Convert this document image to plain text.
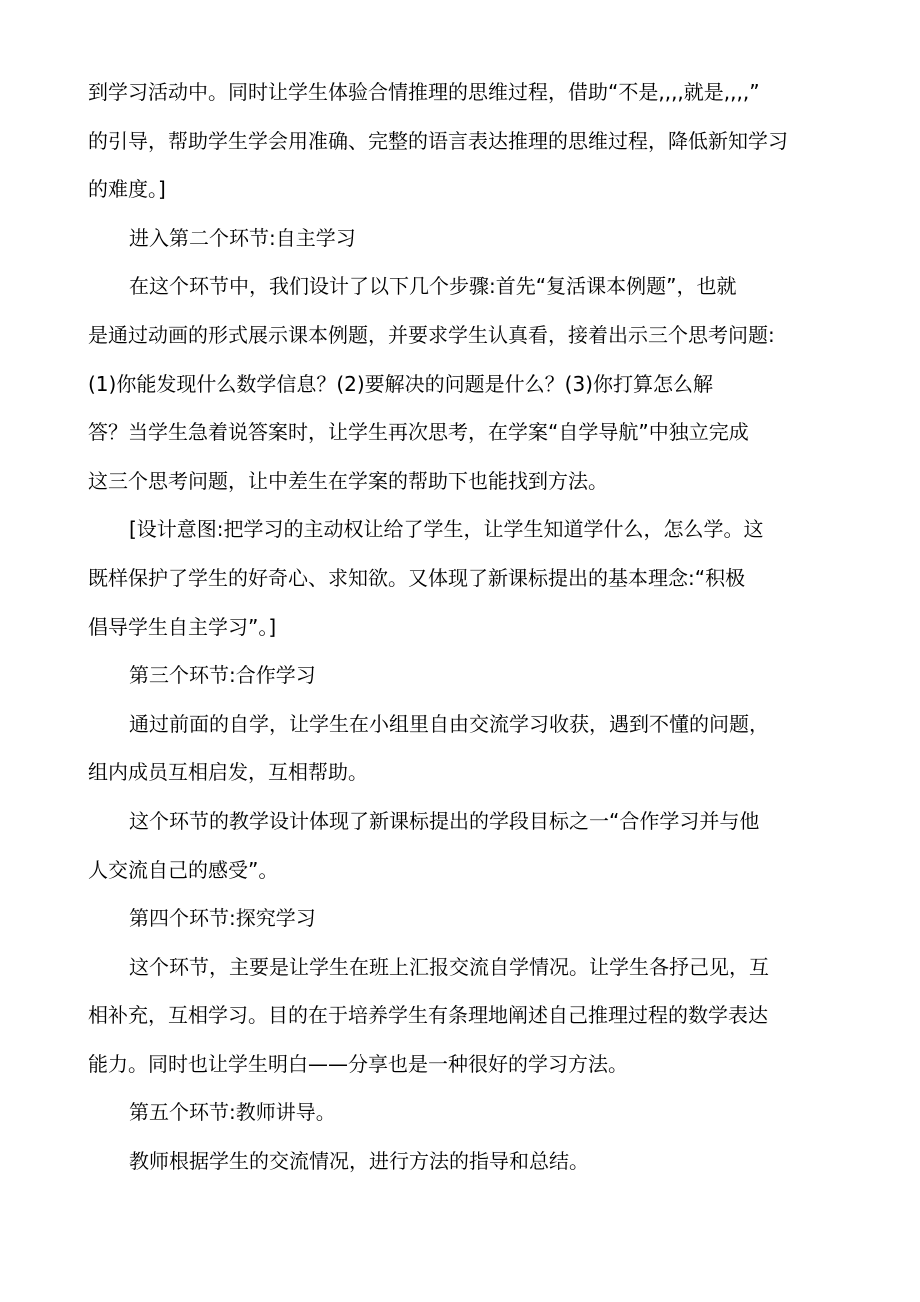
到学习活动中。同时让学生体验合情推理的思维过程，借助“不是,,,,就是,,,,”
的引导，帮助学生学会用准确、完整的语言表达推理的思维过程，降低新知学习
的难度。]
进入第二个环节:自主学习
在这个环节中，我们设计了以下几个步骤:首先“复活课本例题”，也就
是通过动画的形式展示课本例题，并要求学生认真看，接着出示三个思考问题:
(1)你能发现什么数学信息？(2)要解决的问题是什么？(3)你打算怎么解
答？当学生急着说答案时，让学生再次思考，在学案“自学导航”中独立完成
这三个思考问题，让中差生在学案的帮助下也能找到方法。
[设计意图:把学习的主动权让给了学生，让学生知道学什么，怎么学。这
既样保护了学生的好奇心、求知欲。又体现了新课标提出的基本理念:“积极
倡导学生自主学习”。]
第三个环节:合作学习
通过前面的自学，让学生在小组里自由交流学习收获，遇到不懂的问题，
组内成员互相启发，互相帮助。
这个环节的教学设计体现了新课标提出的学段目标之一“合作学习并与他
人交流自己的感受”。
第四个环节:探究学习
这个环节，主要是让学生在班上汇报交流自学情况。让学生各抒己见，互
相补充，互相学习。目的在于培养学生有条理地阐述自己推理过程的数学表达
能力。同时也让学生明白——分享也是一种很好的学习方法。
第五个环节:教师讲导。
教师根据学生的交流情况，进行方法的指导和总结。
